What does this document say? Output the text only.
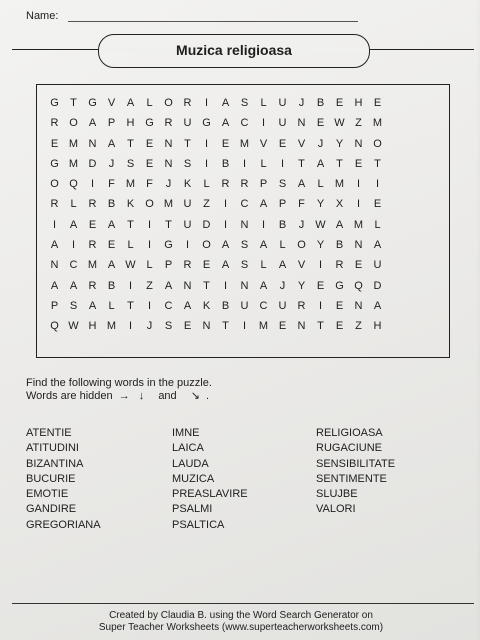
Name:
Muzica religioasa
G	T	G	V	A	L	O R	I	A	S	L	U	J	B	E	H	E
R O	A	P	H G R	U G	A	C	I	U	N	E W Z	M
E M N	A	T	E	N	T	I	E M V	E	V	J	Y	N O
G M D	J	S	E	N	S	I	B	I	L	I	T	A	T	E	T
O Q	I	F	M	F	J	K	L	R	R	P	S	A	L	M	I	I
R	L	R	B	K	O M U	Z	I	C	A	P	F	Y	X	I	E
I	A	E	A	T	I	T	U	D	I	N	I	B	J	W A M	L
A	I	R	E	L	I	G	I	O	A	S	A	L	O	Y	B	N	A
N	C M A W L	P	R	E	A	S	L	A	V	I	R	E	U
A	A	R	B	I	Z	A	N	T	I	N	A	J	Y	E	G Q D
P	S	A	L	T	I	C	A	K	B	U	C	U	R	I	E	N	A
Q W H M	I	J	S	E	N	T	I	M E	N	T	E	Z	H
Find the following words in the puzzle.
Words are hidden → ↓ and ↘ .
ATENTIE
ATITUDINI
BIZANTINA
BUCURIE
EMOTIE
GANDIRE
GREGORIANA
IMNE
LAICA
LAUDA
MUZICA
PREASLAVIRE
PSALMI
PSALTICA
RELIGIOASA
RUGACIUNE
SENSIBILITATE
SENTIMENTE
SLUJBE
VALORI
Created by Claudia B. using the Word Search Generator on
Super Teacher Worksheets (www.superteacherworksheets.com)
